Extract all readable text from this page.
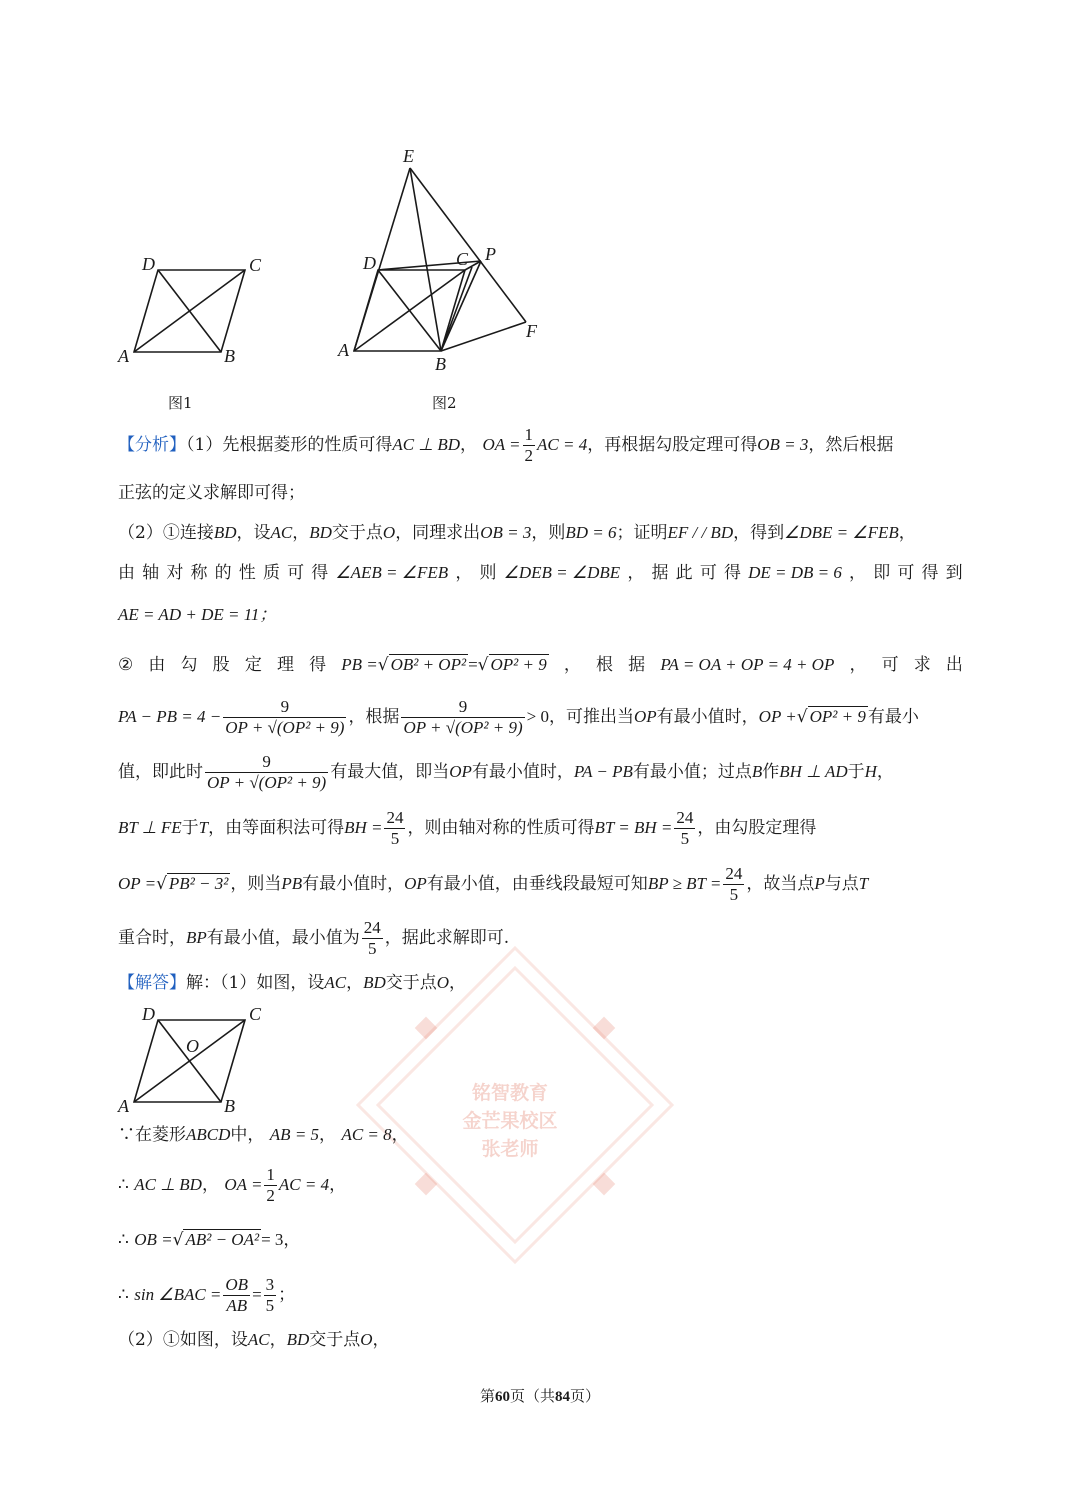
D	C
A	B
图1
E
D	C P
F
A
B
图2
【分析】（1）先根据菱形的性质可得AC ⊥ BD， OA = $\frac{1}{2}$ AC = 4，再根据勾股定理可得OB = 3，然后根据
正弦的定义求解即可得；
（2）①连接BD，设AC，BD交于点O，同理求出OB = 3，则BD = 6；证明EF / / BD，得到∠DBE = ∠FEB，
由 轴 对 称 的 性 质 可 得 ∠AEB = ∠FEB ， 则 ∠DEB = ∠DBE ， 据 此 可 得 DE = DB = 6 ， 即 可 得 到
AE = AD + DE = 11；
② 由 勾 股 定 理 得 PB =√ OB² + OP² =√ OP² + 9 ， 根 据 PA = OA + OP = 4 + OP ， 可 求 出
PA − PB = $4 - \frac{9}{\text{OP + √(OP² + 9)}}$ ，根据 $\frac{9}{\text{OP + √(OP² + 9)}} > 0$，可推出当OP有最小值时，OP +√ OP² + 9 有最小
值，即此时 $\frac{9}{\text{OP + √(OP² + 9)}}$ 有最大值，即当OP有最小值时，PA − PB有最小值；过点B作BH ⊥ AD于H，
BT ⊥ FE于T，由等面积法可得BH = $\frac{24}{5}$ ，则由轴对称的性质可得BT = BH = $\frac{24}{5}$ ，由勾股定理得
OP =√ PB² − 3² ，则当PB有最小值时，OP有最小值，由垂线段最短可知BP ≥ BT = $\frac{24}{5}$ ，故当点P与点T
重合时，BP有最小值，最小值为 $\frac{24}{5}$ ，据此求解即可.
铭智教育
金芒果校区
张老师
【解答】解：（1）如图，设AC，BD交于点O，
D	C
O
A	B
∵在菱形ABCD中， AB = 5， AC = 8，
∴ AC ⊥ BD， OA = $\frac{1}{2}$ AC = 4，
∴ OB =√ AB² − OA² = 3，
∴ sin ∠BAC = $\frac{OB}{AB} = \frac{3}{5}$ ；
（2）①如图，设AC，BD交于点O，
第60页（共84页）
